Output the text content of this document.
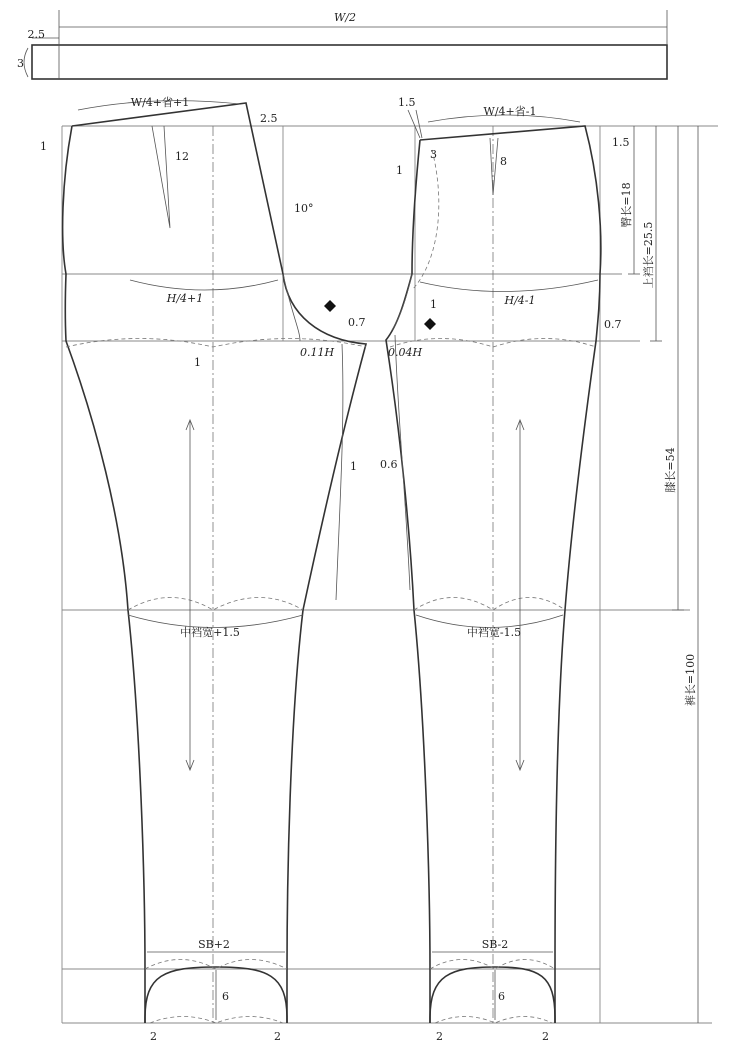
W/2
2.5
3
W/4+省+1
2.5
1
12
10°
H/4+1
0.11H
0.7
1
1
中裆宽+1.5
SB+2
6
2	2
W/4+省-1
1.5
1
3
8
1.5
H/4-1
0.04H
1
0.7
0.6
中裆宽-1.5
SB-2
6
2	2
臀长=18
上裆长=25.5
膝长=54
裤长=100
